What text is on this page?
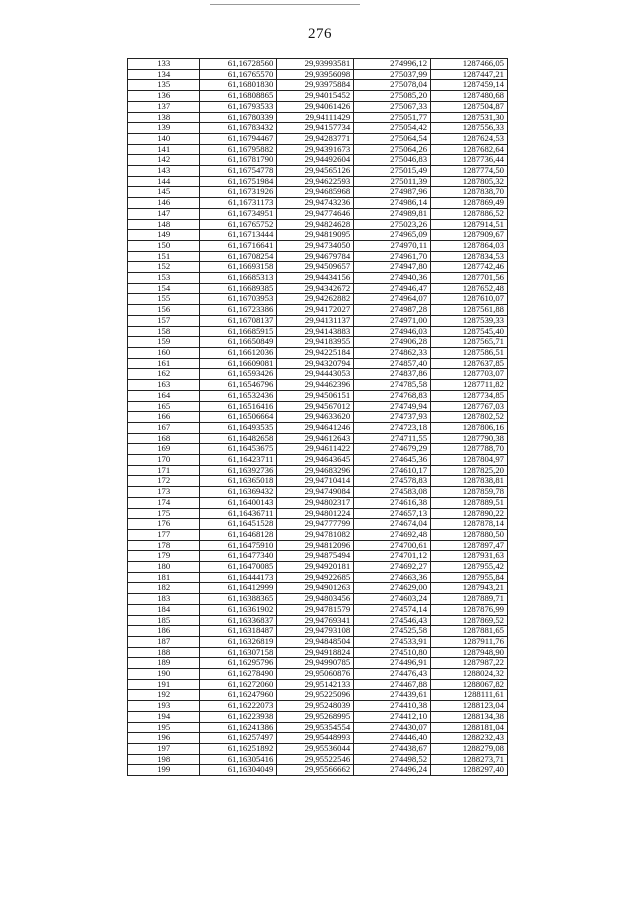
276
133	61,16728560	29,93993581	274996,12	1287466,05
134	61,16765570	29,93956098	275037,99	1287447,21
135	61,16801830	29,93975884	275078,04	1287459,14
136	61,16808865	29,94015452	275085,20	1287480,68
137	61,16793533	29,94061426	275067,33	1287504,87
138	61,16780339	29,94111429	275051,77	1287531,30
139	61,16783432	29,94157734	275054,42	1287556,33
140	61,16794467	29,94283771	275064,54	1287624,53
141	61,16795882	29,94391673	275064,26	1287682,64
142	61,16781790	29,94492604	275046,83	1287736,44
143	61,16754778	29,94565126	275015,49	1287774,50
144	61,16751984	29,94622593	275011,39	1287805,32
145	61,16731926	29,94685968	274987,96	1287838,70
146	61,16731173	29,94743236	274986,14	1287869,49
147	61,16734951	29,94774646	274989,81	1287886,52
148	61,16765752	29,94824628	275023,26	1287914,51
149	61,16713444	29,94819095	274965,09	1287909,67
150	61,16716641	29,94734050	274970,11	1287864,03
151	61,16708254	29,94679784	274961,70	1287834,53
152	61,16693158	29,94509657	274947,80	1287742,46
153	61,16685313	29,94434156	274940,36	1287701,56
154	61,16689385	29,94342672	274946,47	1287652,48
155	61,16703953	29,94262882	274964,07	1287610,07
156	61,16723386	29,94172027	274987,28	1287561,88
157	61,16708137	29,94131137	274971,00	1287539,33
158	61,16685915	29,94143883	274946,03	1287545,40
159	61,16650849	29,94183955	274906,28	1287565,71
160	61,16612036	29,94225184	274862,33	1287586,51
161	61,16609081	29,94320794	274857,40	1287637,85
162	61,16593426	29,94443053	274837,86	1287703,07
163	61,16546796	29,94462396	274785,58	1287711,82
164	61,16532436	29,94506151	274768,83	1287734,85
165	61,16516416	29,94567012	274749,94	1287767,03
166	61,16506664	29,94633620	274737,93	1287802,52
167	61,16493535	29,94641246	274723,18	1287806,16
168	61,16482658	29,94612643	274711,55	1287790,38
169	61,16453675	29,94611422	274679,29	1287788,70
170	61,16423711	29,94643645	274645,36	1287804,97
171	61,16392736	29,94683296	274610,17	1287825,20
172	61,16365018	29,94710414	274578,83	1287838,81
173	61,16369432	29,94749084	274583,08	1287859,78
174	61,16400143	29,94802317	274616,38	1287889,51
175	61,16436711	29,94801224	274657,13	1287890,22
176	61,16451528	29,94777799	274674,04	1287878,14
177	61,16468128	29,94781082	274692,48	1287880,50
178	61,16475910	29,94812096	274700,61	1287897,47
179	61,16477340	29,94875494	274701,12	1287931,63
180	61,16470085	29,94920181	274692,27	1287955,42
181	61,16444173	29,94922685	274663,36	1287955,84
182	61,16412999	29,94901263	274629,00	1287943,21
183	61,16388365	29,94803456	274603,24	1287889,71
184	61,16361902	29,94781579	274574,14	1287876,99
185	61,16336837	29,94769341	274546,43	1287869,52
186	61,16318487	29,94793108	274525,58	1287881,65
187	61,16326819	29,94848504	274533,91	1287911,76
188	61,16307158	29,94918824	274510,80	1287948,90
189	61,16295796	29,94990785	274496,91	1287987,22
190	61,16278490	29,95060876	274476,43	1288024,32
191	61,16272060	29,95142133	274467,88	1288067,82
192	61,16247960	29,95225096	274439,61	1288111,61
193	61,16222073	29,95248039	274410,38	1288123,04
194	61,16223938	29,95268995	274412,10	1288134,38
195	61,16241386	29,95354554	274430,07	1288181,04
196	61,16257497	29,95448993	274446,40	1288232,43
197	61,16251892	29,95536044	274438,67	1288279,08
198	61,16305416	29,95522546	274498,52	1288273,71
199	61,16304049	29,95566662	274496,24	1288297,40
